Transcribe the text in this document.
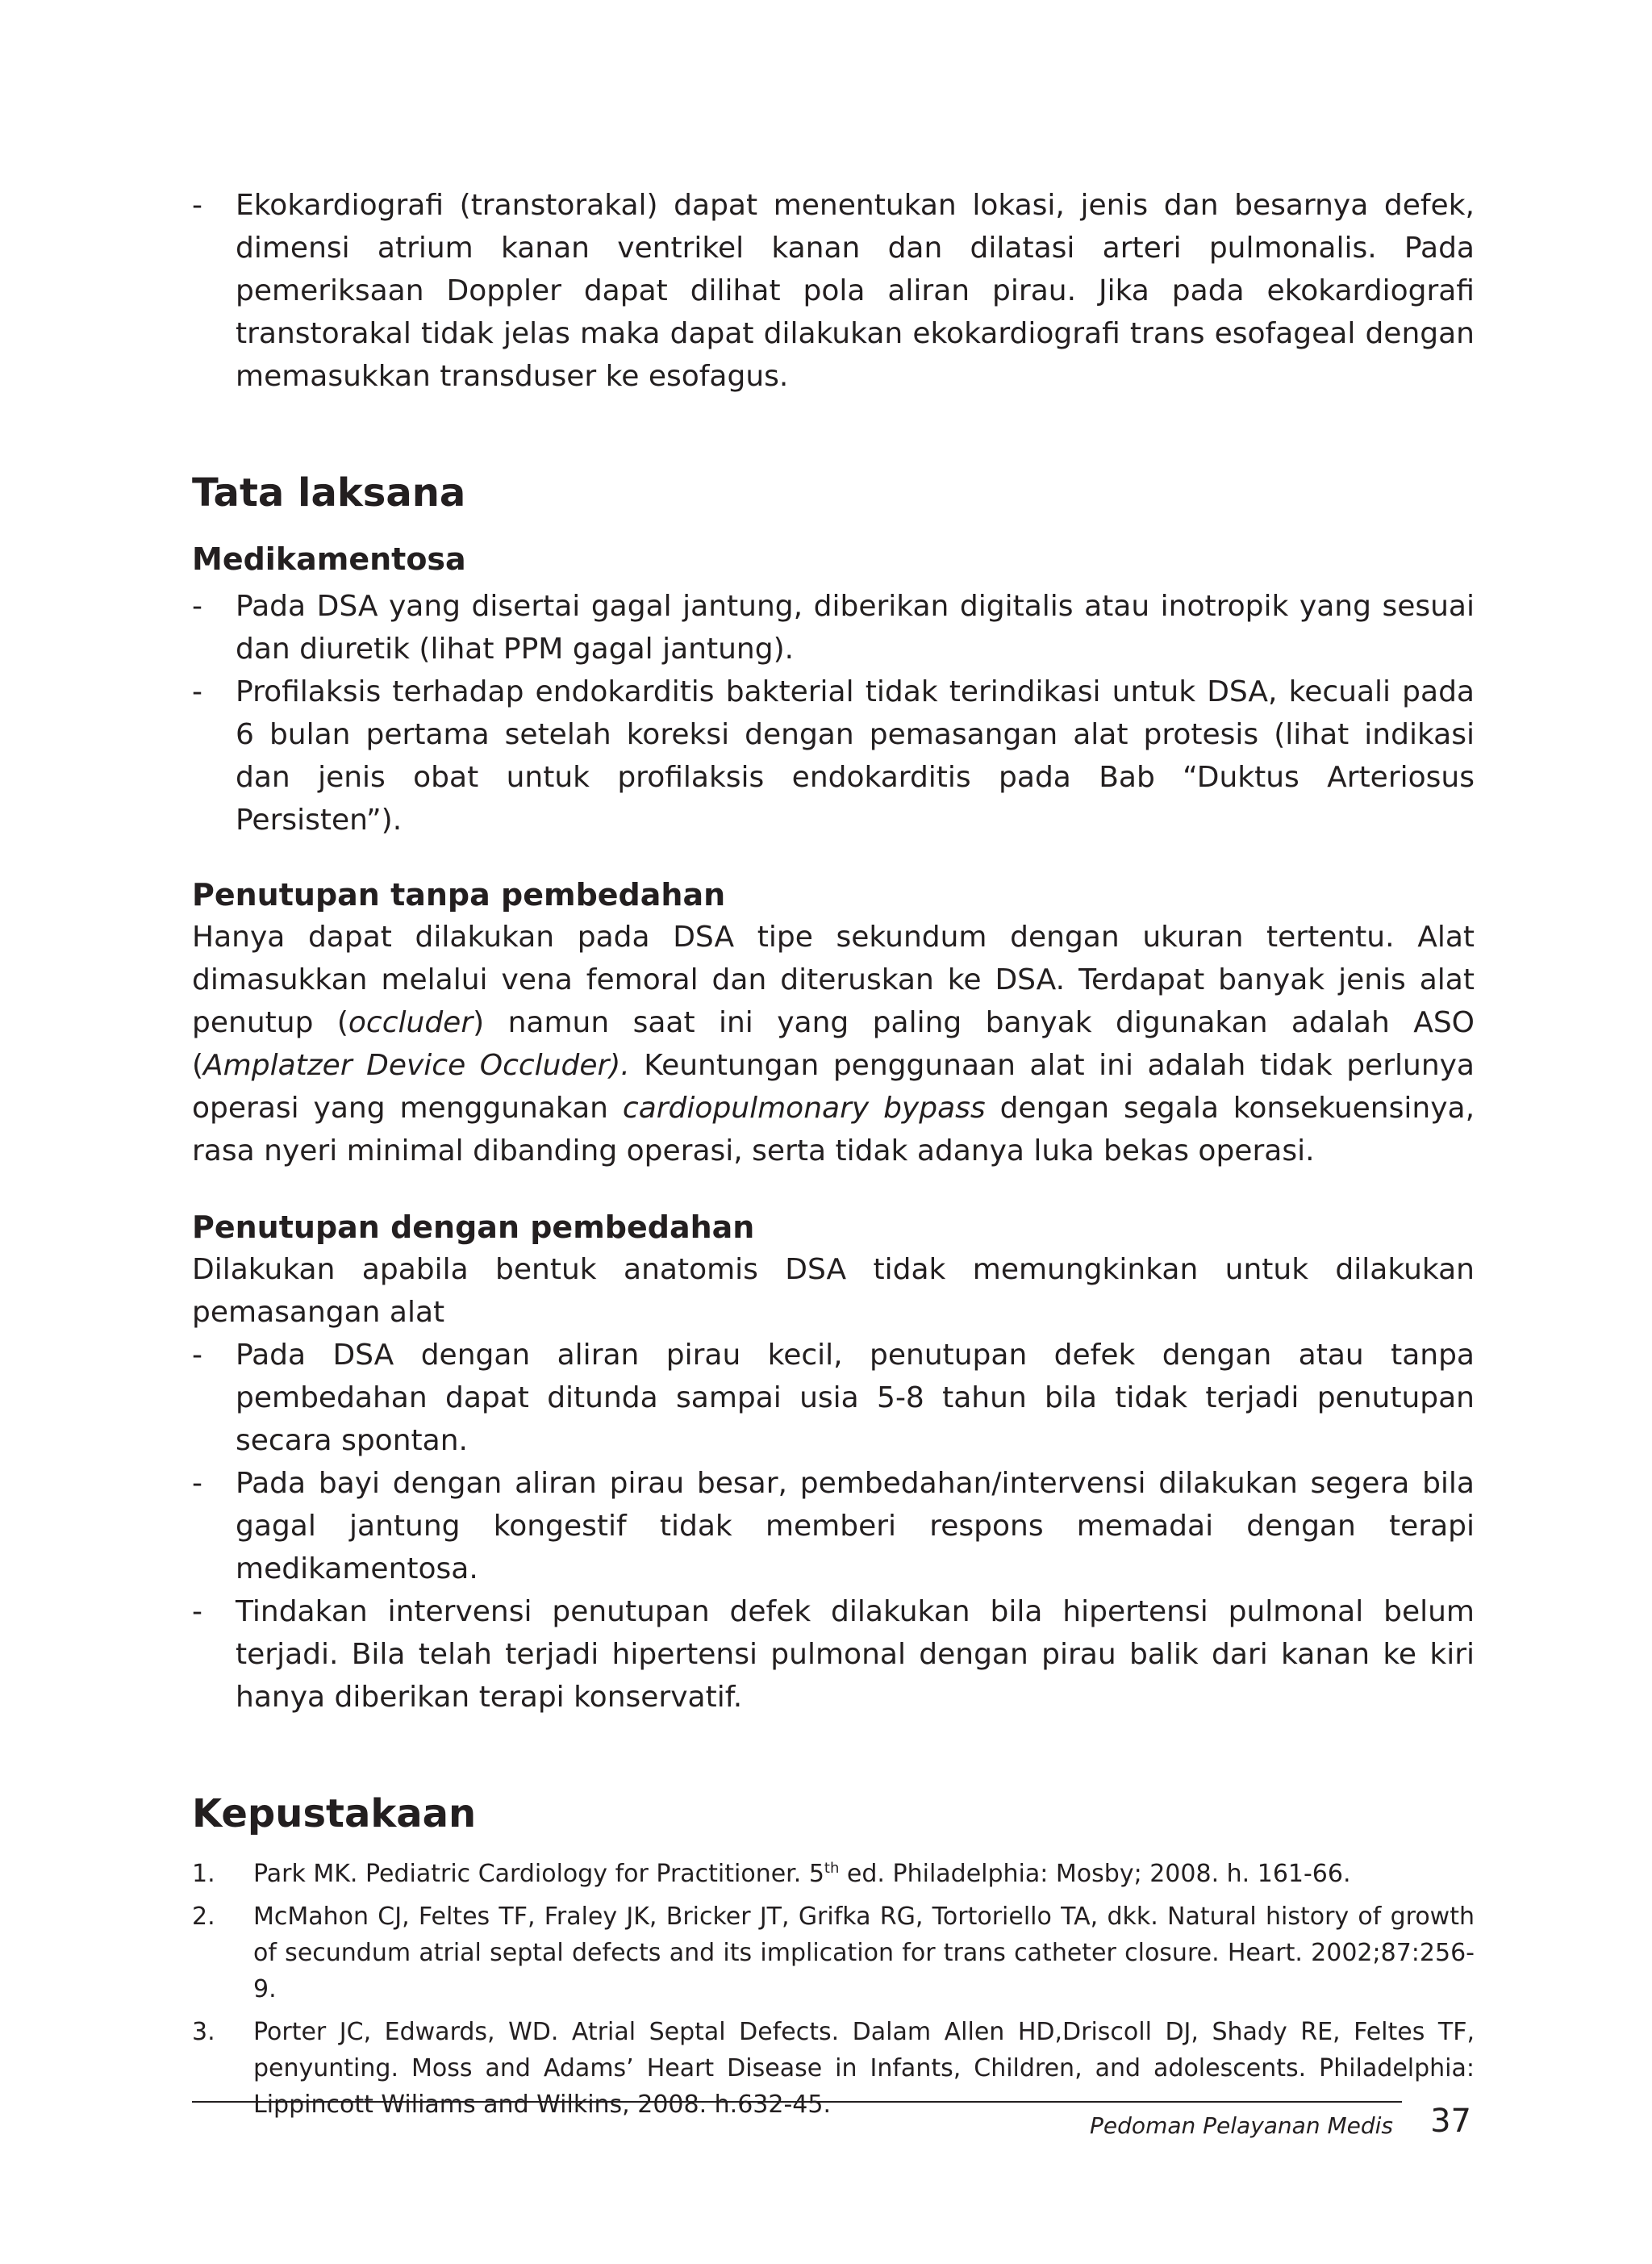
- Ekokardiografi (transtorakal) dapat menentukan lokasi, jenis dan besarnya defek, dimensi atrium kanan ventrikel kanan dan dilatasi arteri pulmonalis. Pada pemeriksaan Doppler dapat dilihat pola aliran pirau. Jika pada ekokardiografi transtorakal tidak jelas maka dapat dilakukan ekokardiografi trans esofageal dengan memasukkan transduser ke esofagus.
Tata laksana
Medikamentosa
- Pada DSA yang disertai gagal jantung, diberikan digitalis atau inotropik yang sesuai dan diuretik (lihat PPM gagal jantung).
- Profilaksis terhadap endokarditis bakterial tidak terindikasi untuk DSA, kecuali pada 6 bulan pertama setelah koreksi dengan pemasangan alat protesis (lihat indikasi dan jenis obat untuk profilaksis endokarditis pada Bab “Duktus Arteriosus Persisten”).
Penutupan tanpa pembedahan
Hanya dapat dilakukan pada DSA tipe sekundum dengan ukuran tertentu. Alat dimasukkan melalui vena femoral dan diteruskan ke DSA. Terdapat banyak jenis alat penutup (occluder) namun saat ini yang paling banyak digunakan adalah ASO (Amplatzer Device Occluder). Keuntungan penggunaan alat ini adalah tidak perlunya operasi yang menggunakan cardiopulmonary bypass dengan segala konsekuensinya, rasa nyeri minimal dibanding operasi, serta tidak adanya luka bekas operasi.
Penutupan dengan pembedahan
Dilakukan apabila bentuk anatomis DSA tidak memungkinkan untuk dilakukan pemasangan alat
- Pada DSA dengan aliran pirau kecil, penutupan defek dengan atau tanpa pembedahan dapat ditunda sampai usia 5-8 tahun bila tidak terjadi penutupan secara spontan.
- Pada bayi dengan aliran pirau besar, pembedahan/intervensi dilakukan segera bila gagal jantung kongestif tidak memberi respons memadai dengan terapi medikamentosa.
- Tindakan intervensi penutupan defek dilakukan bila hipertensi pulmonal belum terjadi. Bila telah terjadi hipertensi pulmonal dengan pirau balik dari kanan ke kiri hanya diberikan terapi konservatif.
Kepustakaan
1. Park MK. Pediatric Cardiology for Practitioner. 5th ed. Philadelphia: Mosby; 2008. h. 161-66.
2. McMahon CJ, Feltes TF, Fraley JK, Bricker JT, Grifka RG, Tortoriello TA, dkk. Natural history of growth of secundum atrial septal defects and its implication for trans catheter closure. Heart. 2002;87:256-9.
3. Porter JC, Edwards, WD. Atrial Septal Defects. Dalam Allen HD,Driscoll DJ, Shady RE, Feltes TF, penyunting. Moss and Adams’ Heart Disease in Infants, Children, and adolescents. Philadelphia: Lippincott Wiliams and Wilkins, 2008. h.632-45.
Pedoman Pelayanan Medis 37
